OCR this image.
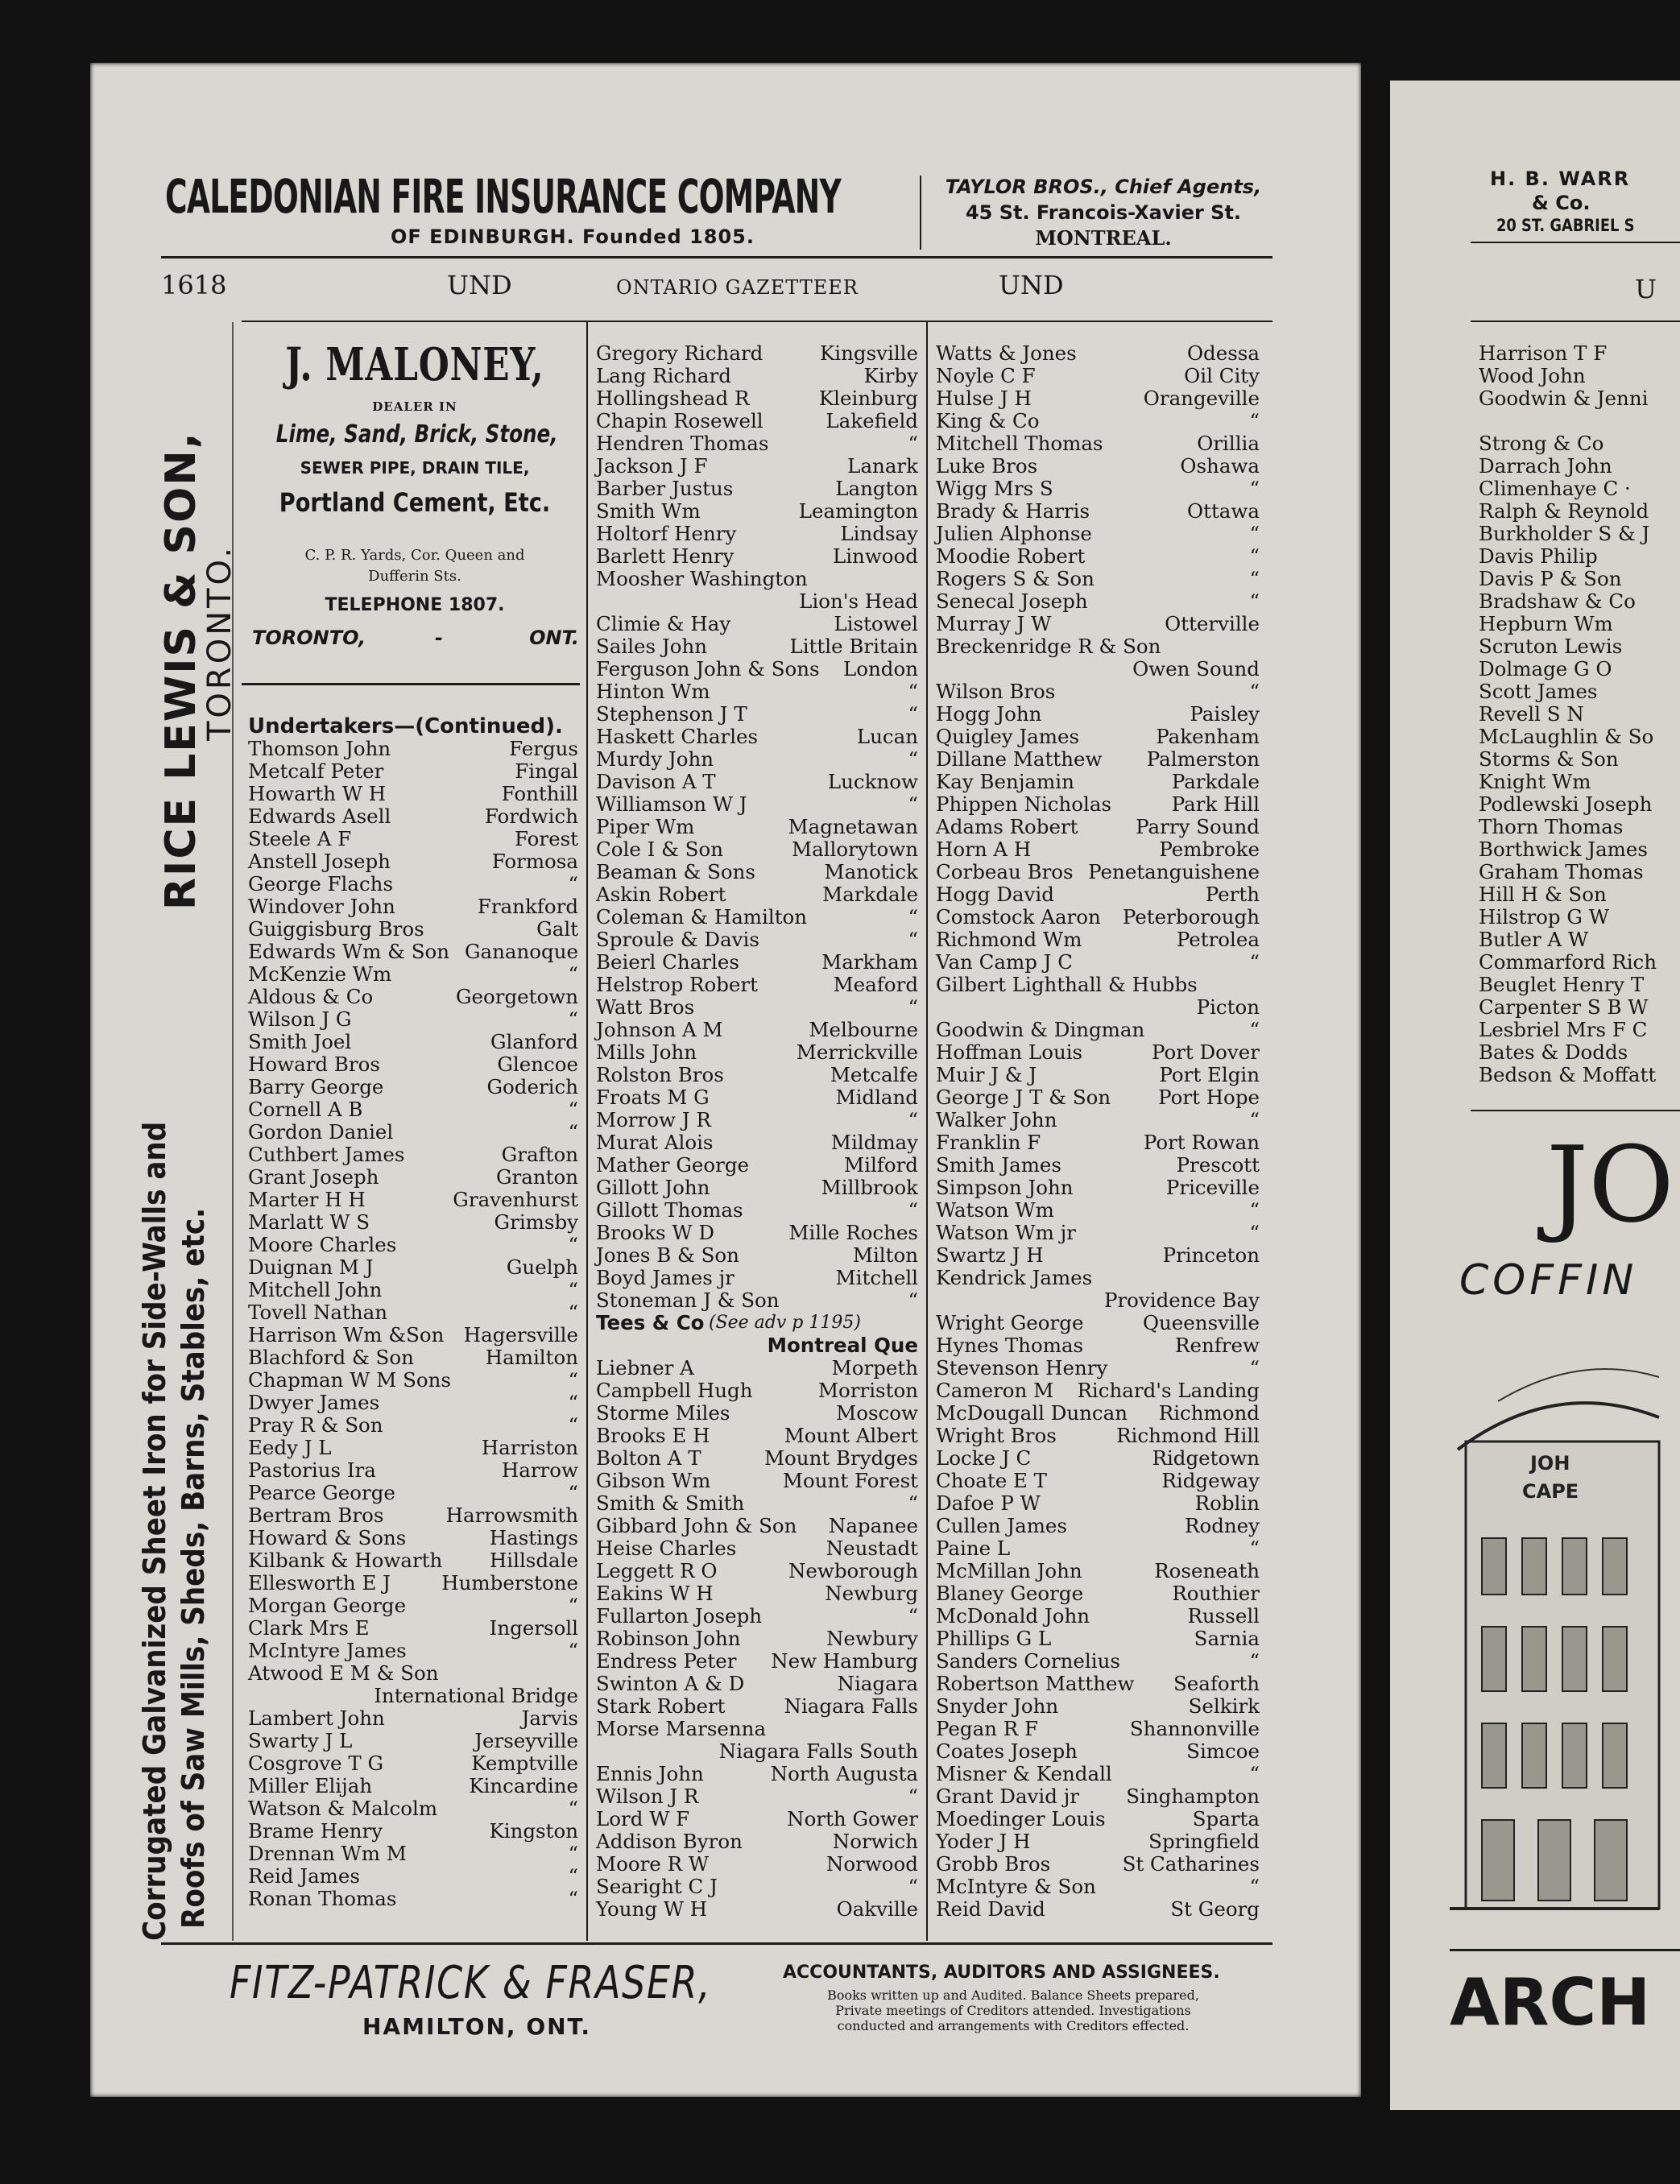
CALEDONIAN FIRE INSURANCE COMPANY
OF EDINBURGH. Founded 1805.
TAYLOR BROS., Chief Agents,
45 St. Francois-Xavier St.
MONTREAL.
1618	UND	ONTARIO GAZETTEER	UND
RICE LEWIS & SON,
TORONTO.
Corrugated Galvanized Sheet Iron for Side-Walls and Roofs of Saw Mills, Sheds, Barns, Stables, etc.
J. MALONEY,
DEALER IN
Lime, Sand, Brick, Stone,
SEWER PIPE, DRAIN TILE,
Portland Cement, Etc.
C. P. R. Yards, Cor. Queen and
Dufferin Sts.
TELEPHONE 1807.
TORONTO,	-	ONT.
Undertakers—(Continued).
Thomson John	Fergus
Metcalf Peter	Fingal
Howarth W H	Fonthill
Edwards Asell	Fordwich
Steele A F	Forest
Anstell Joseph	Formosa
George Flachs	“
Windover John	Frankford
Guiggisburg Bros	Galt
Edwards Wm & Son Gananoque
McKenzie Wm	“
Aldous & Co	Georgetown
Wilson J G	“
Smith Joel	Glanford
Howard Bros	Glencoe
Barry George	Goderich
Cornell A B	“
Gordon Daniel	“
Cuthbert James	Grafton
Grant Joseph	Granton
Marter H H	Gravenhurst
Marlatt W S	Grimsby
Moore Charles	“
Duignan M J	Guelph
Mitchell John	“
Tovell Nathan	“
Harrison Wm &Son Hagersville
Blachford & Son	Hamilton
Chapman W M Sons	“
Dwyer James	“
Pray R & Son	“
Eedy J L	Harriston
Pastorius Ira	Harrow
Pearce George	“
Bertram Bros	Harrowsmith
Howard & Sons	Hastings
Kilbank & Howarth Hillsdale
Ellesworth E J	Humberstone
Morgan George	“
Clark Mrs E	Ingersoll
McIntyre James	“
Atwood E M & Son
International Bridge
Lambert John	Jarvis
Swarty J L	Jerseyville
Cosgrove T G	Kemptville
Miller Elijah	Kincardine
Watson & Malcolm	“
Brame Henry	Kingston
Drennan Wm M	“
Reid James	“
Ronan Thomas	“
Gregory Richard	Kingsville
Lang Richard	Kirby
Hollingshead R	Kleinburg
Chapin Rosewell	Lakefield
Hendren Thomas	“
Jackson J F	Lanark
Barber Justus	Langton
Smith Wm	Leamington
Holtorf Henry	Lindsay
Barlett Henry	Linwood
Moosher Washington
Lion's Head
Climie & Hay	Listowel
Sailes John	Little Britain
Ferguson John & Sons London
Hinton Wm	“
Stephenson J T	“
Haskett Charles	Lucan
Murdy John	“
Davison A T	Lucknow
Williamson W J	“
Piper Wm	Magnetawan
Cole I & Son	Mallorytown
Beaman & Sons	Manotick
Askin Robert	Markdale
Coleman & Hamilton	“
Sproule & Davis	“
Beierl Charles	Markham
Helstrop Robert	Meaford
Watt Bros	“
Johnson A M	Melbourne
Mills John	Merrickville
Rolston Bros	Metcalfe
Froats M G	Midland
Morrow J R	“
Murat Alois	Mildmay
Mather George	Milford
Gillott John	Millbrook
Gillott Thomas	“
Brooks W D	Mille Roches
Jones B & Son	Milton
Boyd James jr	Mitchell
Stoneman J & Son	“
Tees & Co (See adv p 1195)
Montreal Que
Liebner A	Morpeth
Campbell Hugh	Morriston
Storme Miles	Moscow
Brooks E H	Mount Albert
Bolton A T	Mount Brydges
Gibson Wm	Mount Forest
Smith & Smith	“
Gibbard John & Son Napanee
Heise Charles	Neustadt
Leggett R O	Newborough
Eakins W H	Newburg
Fullarton Joseph	“
Robinson John	Newbury
Endress Peter New Hamburg
Swinton A & D	Niagara
Stark Robert	Niagara Falls
Morse Marsenna
Niagara Falls South
Ennis John	North Augusta
Wilson J R	“
Lord W F	North Gower
Addison Byron	Norwich
Moore R W	Norwood
Searight C J	“
Young W H	Oakville
Watts & Jones	Odessa
Noyle C F	Oil City
Hulse J H	Orangeville
King & Co	“
Mitchell Thomas	Orillia
Luke Bros	Oshawa
Wigg Mrs S	“
Brady & Harris	Ottawa
Julien Alphonse	“
Moodie Robert	“
Rogers S & Son	“
Senecal Joseph	“
Murray J W	Otterville
Breckenridge R & Son
Owen Sound
Wilson Bros	“
Hogg John	Paisley
Quigley James	Pakenham
Dillane Matthew Palmerston
Kay Benjamin	Parkdale
Phippen Nicholas	Park Hill
Adams Robert	Parry Sound
Horn A H	Pembroke
Corbeau Bros Penetanguishene
Hogg David	Perth
Comstock Aaron Peterborough
Richmond Wm	Petrolea
Van Camp J C	“
Gilbert Lighthall & Hubbs
Picton
Goodwin & Dingman	“
Hoffman Louis	Port Dover
Muir J & J	Port Elgin
George J T & Son Port Hope
Walker John	“
Franklin F	Port Rowan
Smith James	Prescott
Simpson John	Priceville
Watson Wm	“
Watson Wm jr	“
Swartz J H	Princeton
Kendrick James
Providence Bay
Wright George	Queensville
Hynes Thomas	Renfrew
Stevenson Henry	“
Cameron M Richard's Landing
McDougall Duncan Richmond
Wright Bros	Richmond Hill
Locke J C	Ridgetown
Choate E T	Ridgeway
Dafoe P W	Roblin
Cullen James	Rodney
Paine L	“
McMillan John	Roseneath
Blaney George	Routhier
McDonald John	Russell
Phillips G L	Sarnia
Sanders Cornelius	“
Robertson Matthew Seaforth
Snyder John	Selkirk
Pegan R F	Shannonville
Coates Joseph	Simcoe
Misner & Kendall	“
Grant David jr Singhampton
Moedinger Louis	Sparta
Yoder J H	Springfield
Grobb Bros	St Catharines
McIntyre & Son	“
Reid David	St Georg
FITZ-PATRICK & FRASER,
HAMILTON, ONT.
ACCOUNTANTS, AUDITORS AND ASSIGNEES.
Books written up and Audited. Balance Sheets prepared,
Private meetings of Creditors attended. Investigations
conducted and arrangements with Creditors effected.
H. B. WARR
& Co.
20 ST. GABRIEL S
U
Harrison T F
Wood John
Goodwin & Jenni
Strong & Co
Darrach John
Climenhaye C ·
Ralph & Reynold
Burkholder S & J
Davis Philip
Davis P & Son
Bradshaw & Co
Hepburn Wm
Scruton Lewis
Dolmage G O
Scott James
Revell S N
McLaughlin & So
Storms & Son
Knight Wm
Podlewski Joseph
Thorn Thomas
Borthwick James
Graham Thomas
Hill H & Son
Hilstrop G W
Butler A W
Commarford Rich
Beuglet Henry T
Carpenter S B W
Lesbriel Mrs F C
Bates & Dodds
Bedson & Moffatt
JO
COFFIN
JOH
CAPE
ARCH
